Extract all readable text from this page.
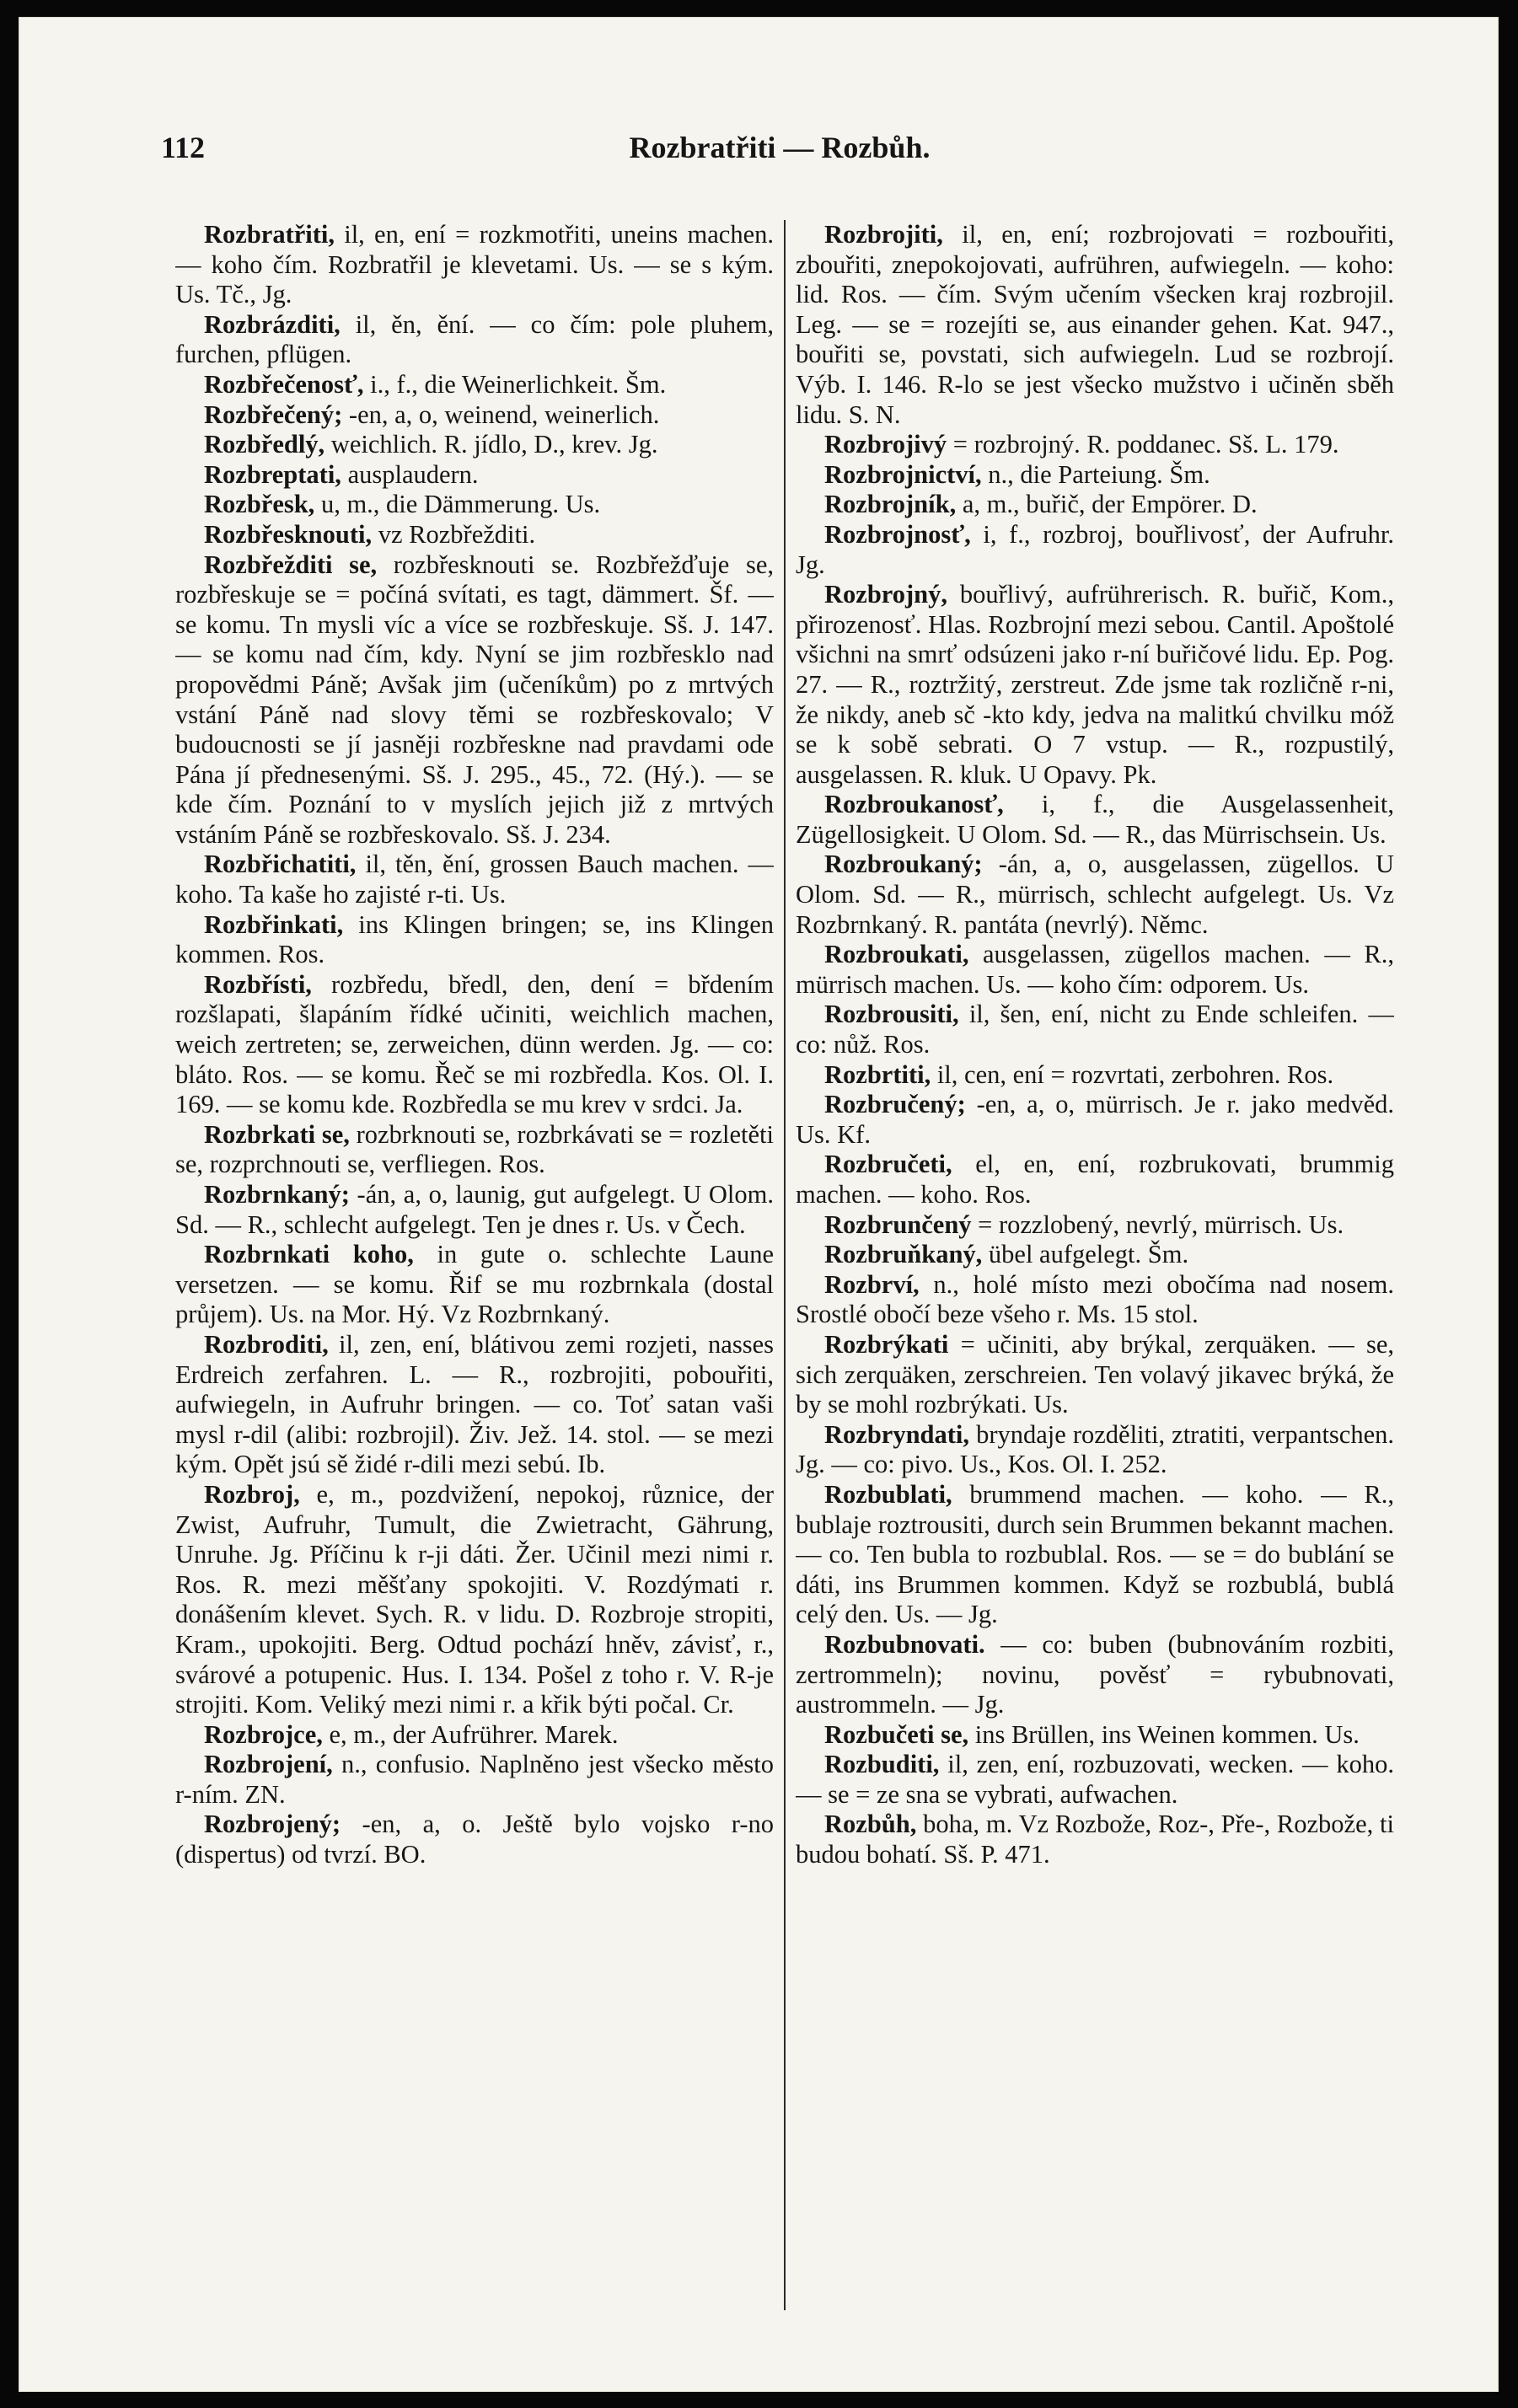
112	Rozbratřiti — Rozbůh.
Rozbratřiti, il, en, ení = rozkmotřiti, uneins machen. — koho čím. Rozbratřil je klevetami. Us. — se s kým. Us. Tč., Jg.
Rozbrázditi, il, ěn, ění. — co čím: pole pluhem, furchen, pflügen.
Rozbřečenosť, i., f., die Weinerlichkeit. Šm.
Rozbřečený; -en, a, o, weinend, weinerlich.
Rozbředlý, weichlich. R. jídlo, D., krev. Jg.
Rozbreptati, ausplaudern.
Rozbřesk, u, m., die Dämmerung. Us.
Rozbřesknouti, vz Rozbřežditi.
Rozbřežditi se, rozbřesknouti se. Rozbřežďuje se, rozbřeskuje se = počíná svítati, es tagt, dämmert. Šf. — se komu. Tn mysli víc a více se rozbřeskuje. Sš. J. 147. — se komu nad čím, kdy. Nyní se jim rozbřesklo nad propovědmi Páně; Avšak jim (učeníkům) po z mrtvých vstání Páně nad slovy těmi se rozbřeskovalo; V budoucnosti se jí jasněji rozbřeskne nad pravdami ode Pána jí přednesenými. Sš. J. 295., 45., 72. (Hý.). — se kde čím. Poznání to v myslích jejich již z mrtvých vstáním Páně se rozbřeskovalo. Sš. J. 234.
Rozbřichatiti, il, těn, ění, grossen Bauch machen. — koho. Ta kaše ho zajisté r-ti. Us.
Rozbřinkati, ins Klingen bringen; se, ins Klingen kommen. Ros.
Rozbřísti, rozbředu, bředl, den, dení = břdením rozšlapati, šlapáním řídké učiniti, weichlich machen, weich zertreten; se, zerweichen, dünn werden. Jg. — co: bláto. Ros. — se komu. Řeč se mi rozbředla. Kos. Ol. I. 169. — se komu kde. Rozbředla se mu krev v srdci. Ja.
Rozbrkati se, rozbrknouti se, rozbrkávati se = rozletěti se, rozprchnouti se, verfliegen. Ros.
Rozbrnkaný; -án, a, o, launig, gut aufgelegt. U Olom. Sd. — R., schlecht aufgelegt. Ten je dnes r. Us. v Čech.
Rozbrnkati koho, in gute o. schlechte Laune versetzen. — se komu. Řif se mu rozbrnkala (dostal průjem). Us. na Mor. Hý. Vz Rozbrnkaný.
Rozbroditi, il, zen, ení, blátivou zemi rozjeti, nasses Erdreich zerfahren. L. — R., rozbrojiti, pobouřiti, aufwiegeln, in Aufruhr bringen. — co. Toť satan vaši mysl r-dil (alibi: rozbrojil). Živ. Jež. 14. stol. — se mezi kým. Opět jsú sě židé r-dili mezi sebú. Ib.
Rozbroj, e, m., pozdvižení, nepokoj, různice, der Zwist, Aufruhr, Tumult, die Zwietracht, Gährung, Unruhe. Jg. Příčinu k r-ji dáti. Žer. Učinil mezi nimi r. Ros. R. mezi měšťany spokojiti. V. Rozdýmati r. donášením klevet. Sych. R. v lidu. D. Rozbroje stropiti, Kram., upokojiti. Berg. Odtud pochází hněv, závisť, r., svárové a potupenic. Hus. I. 134. Pošel z toho r. V. R-je strojiti. Kom. Veliký mezi nimi r. a křik býti počal. Cr.
Rozbrojce, e, m., der Aufrührer. Marek.
Rozbrojení, n., confusio. Naplněno jest všecko město r-ním. ZN.
Rozbrojený; -en, a, o. Ještě bylo vojsko r-no (dispertus) od tvrzí. BO.
Rozbrojiti, il, en, ení; rozbrojovati = rozbouřiti, zbouřiti, znepokojovati, aufrühren, aufwiegeln. — koho: lid. Ros. — čím. Svým učením všecken kraj rozbrojil. Leg. — se = rozejíti se, aus einander gehen. Kat. 947., bouřiti se, povstati, sich aufwiegeln. Lud se rozbrojí. Výb. I. 146. R-lo se jest všecko mužstvo i učiněn sběh lidu. S. N.
Rozbrojivý = rozbrojný. R. poddanec. Sš. L. 179.
Rozbrojnictví, n., die Parteiung. Šm.
Rozbrojník, a, m., buřič, der Empörer. D.
Rozbrojnosť, i, f., rozbroj, bouřlivosť, der Aufruhr. Jg.
Rozbrojný, bouřlivý, aufrührerisch. R. buřič, Kom., přirozenosť. Hlas. Rozbrojní mezi sebou. Cantil. Apoštolé všichni na smrť odsúzeni jako r-ní buřičové lidu. Ep. Pog. 27. — R., roztržitý, zerstreut. Zde jsme tak rozličně r-ni, že nikdy, aneb sč -kto kdy, jedva na malitkú chvilku móž se k sobě sebrati. O 7 vstup. — R., rozpustilý, ausgelassen. R. kluk. U Opavy. Pk.
Rozbroukanosť, i, f., die Ausgelassenheit, Zügellosigkeit. U Olom. Sd. — R., das Mürrischsein. Us.
Rozbroukaný; -án, a, o, ausgelassen, zügellos. U Olom. Sd. — R., mürrisch, schlecht aufgelegt. Us. Vz Rozbrnkaný. R. pantáta (nevrlý). Němc.
Rozbroukati, ausgelassen, zügellos machen. — R., mürrisch machen. Us. — koho čím: odporem. Us.
Rozbrousiti, il, šen, ení, nicht zu Ende schleifen. — co: nůž. Ros.
Rozbrtiti, il, cen, ení = rozvrtati, zerbohren. Ros.
Rozbručený; -en, a, o, mürrisch. Je r. jako medvěd. Us. Kf.
Rozbručeti, el, en, ení, rozbrukovati, brummig machen. — koho. Ros.
Rozbrunčený = rozzlobený, nevrlý, mürrisch. Us.
Rozbruňkaný, übel aufgelegt. Šm.
Rozbrví, n., holé místo mezi obočíma nad nosem. Srostlé obočí beze všeho r. Ms. 15 stol.
Rozbrýkati = učiniti, aby brýkal, zerquäken. — se, sich zerquäken, zerschreien. Ten volavý jikavec brýká, že by se mohl rozbrýkati. Us.
Rozbryndati, bryndaje rozděliti, ztratiti, verpantschen. Jg. — co: pivo. Us., Kos. Ol. I. 252.
Rozbublati, brummend machen. — koho. — R., bublaje roztrousiti, durch sein Brummen bekannt machen. — co. Ten bubla to rozbublal. Ros. — se = do bublání se dáti, ins Brummen kommen. Když se rozbublá, bublá celý den. Us. — Jg.
Rozbubnovati. — co: buben (bubnováním rozbiti, zertrommeln); novinu, pověsť = rybubnovati, austrommeln. — Jg.
Rozbučeti se, ins Brüllen, ins Weinen kommen. Us.
Rozbuditi, il, zen, ení, rozbuzovati, wecken. — koho. — se = ze sna se vybrati, aufwachen.
Rozbůh, boha, m. Vz Rozbože, Roz-, Pře-, Rozbože, ti budou bohatí. Sš. P. 471.
